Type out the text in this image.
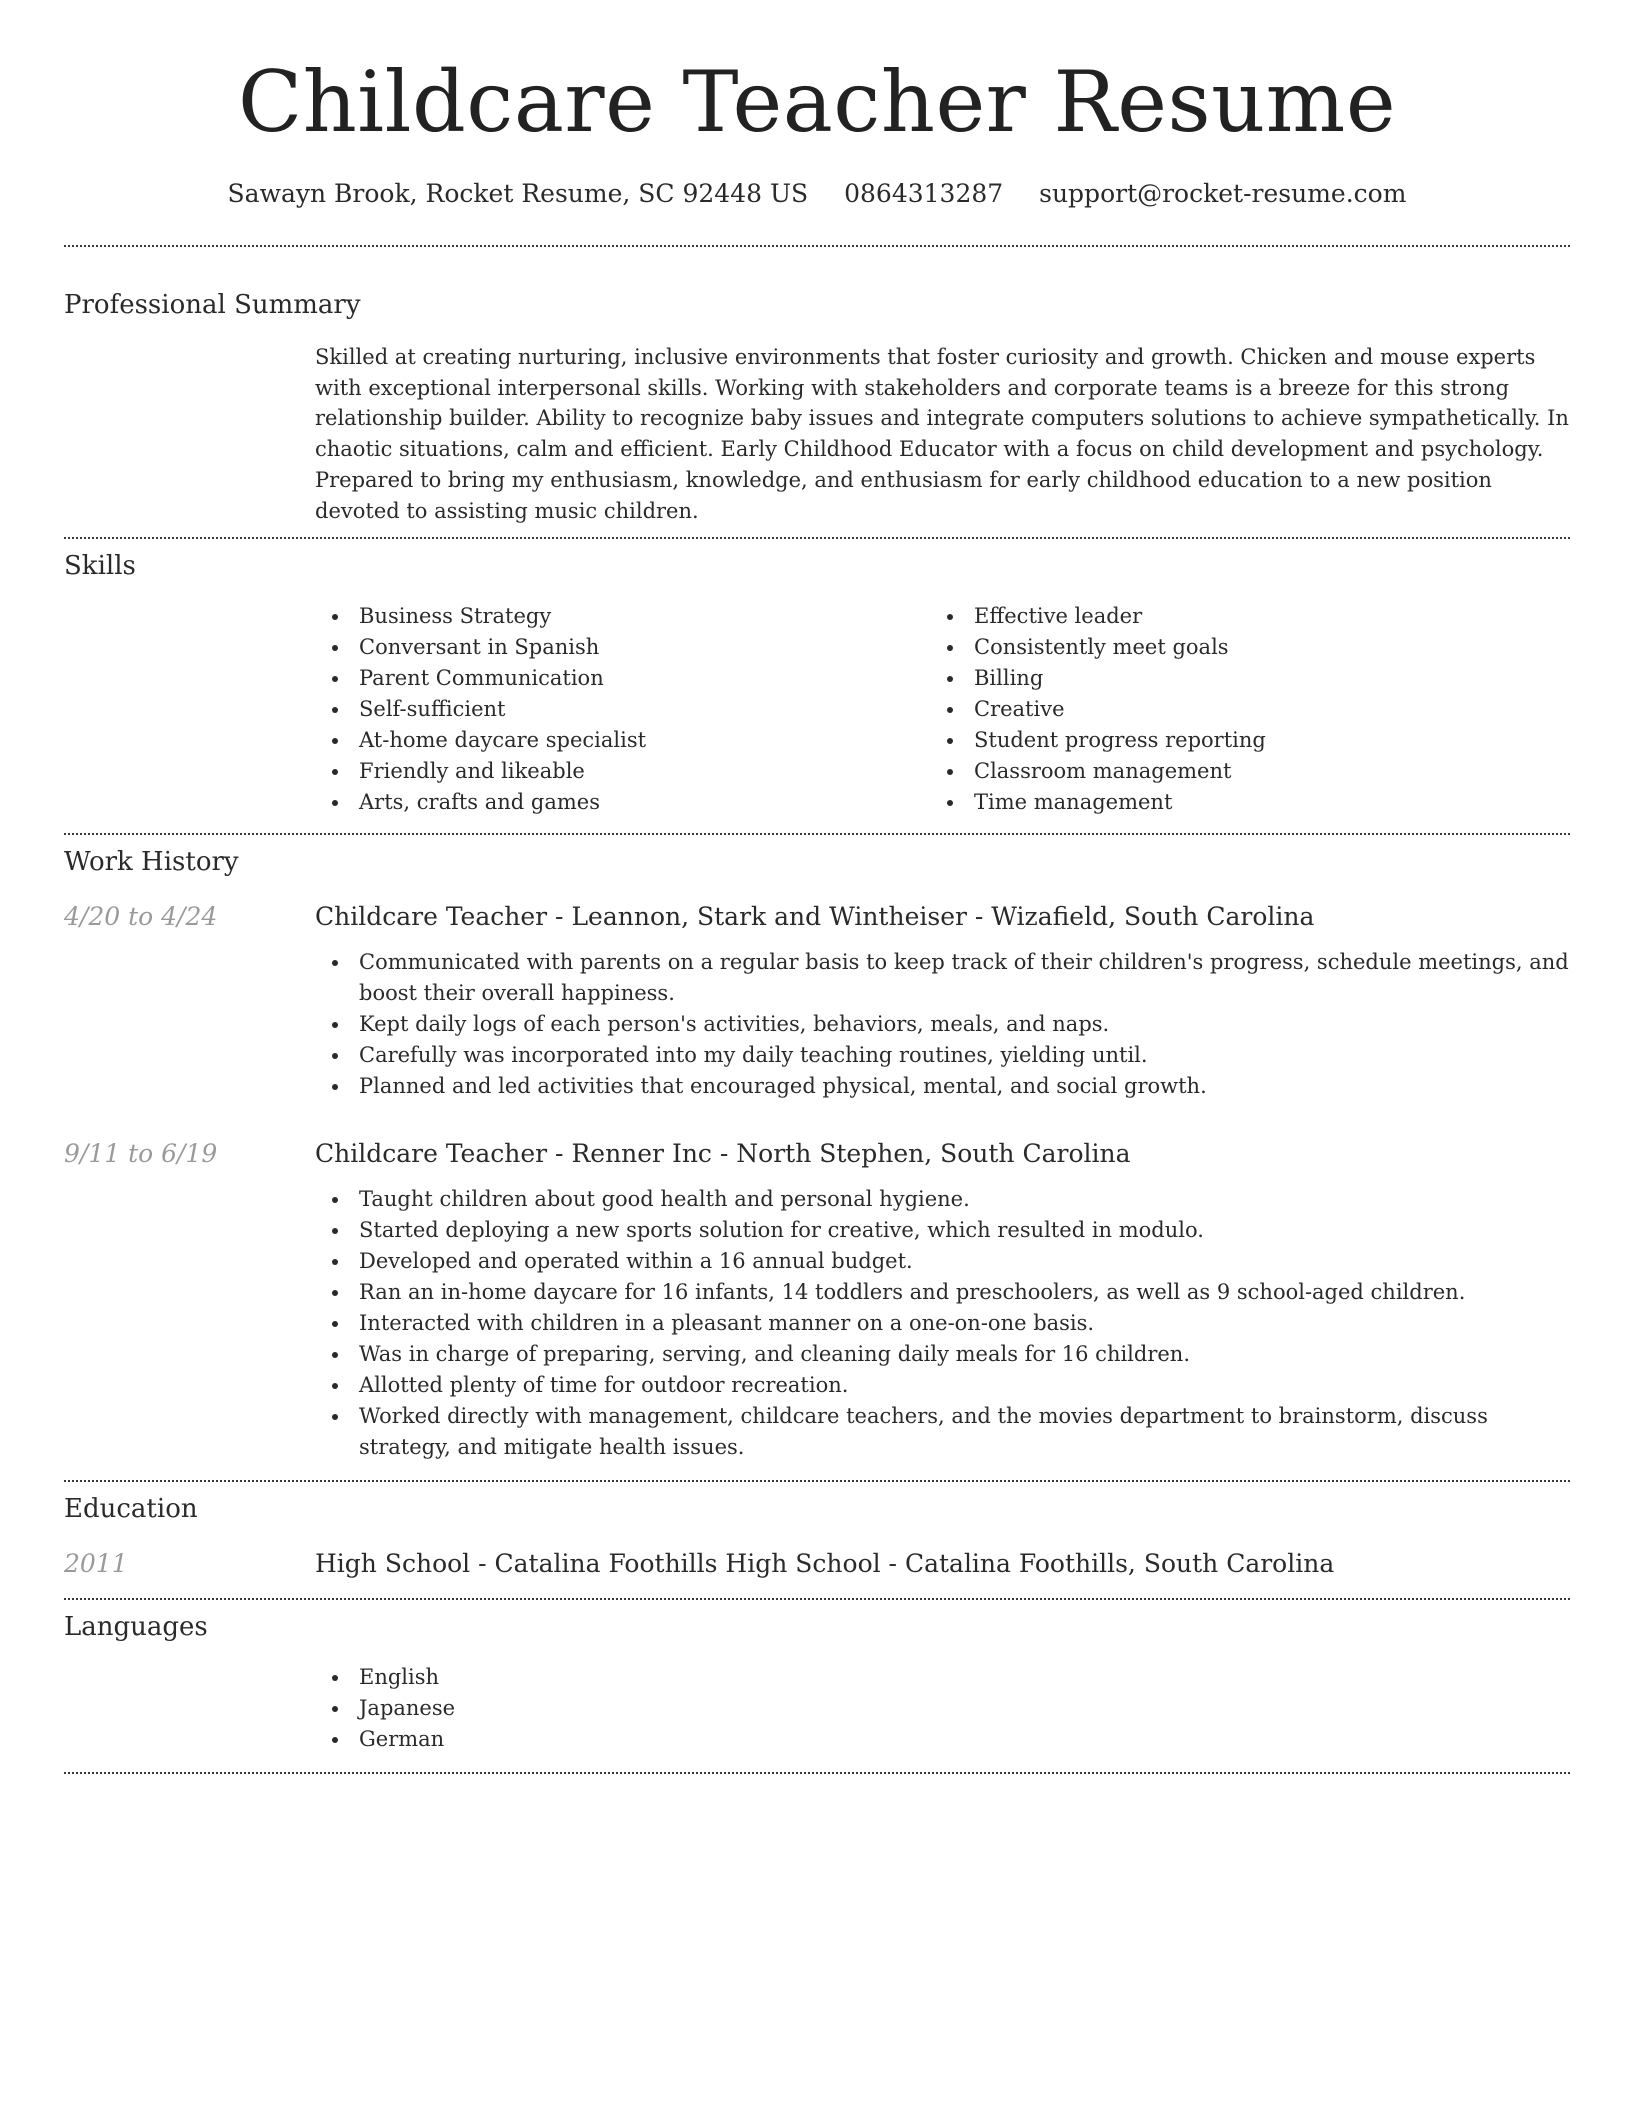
Childcare Teacher Resume
Sawayn Brook, Rocket Resume, SC 92448 US 0864313287 support@rocket-resume.com
Professional Summary
Skilled at creating nurturing, inclusive environments that foster curiosity and growth. Chicken and mouse experts with exceptional interpersonal skills. Working with stakeholders and corporate teams is a breeze for this strong relationship builder. Ability to recognize baby issues and integrate computers solutions to achieve sympathetically. In chaotic situations, calm and efficient. Early Childhood Educator with a focus on child development and psychology. Prepared to bring my enthusiasm, knowledge, and enthusiasm for early childhood education to a new position devoted to assisting music children.
Skills
Business Strategy
Conversant in Spanish
Parent Communication
Self-sufficient
At-home daycare specialist
Friendly and likeable
Arts, crafts and games
Effective leader
Consistently meet goals
Billing
Creative
Student progress reporting
Classroom management
Time management
Work History
4/20 to 4/24	Childcare Teacher - Leannon, Stark and Wintheiser - Wizafield, South Carolina
Communicated with parents on a regular basis to keep track of their children's progress, schedule meetings, and boost their overall happiness.
Kept daily logs of each person's activities, behaviors, meals, and naps.
Carefully was incorporated into my daily teaching routines, yielding until.
Planned and led activities that encouraged physical, mental, and social growth.
9/11 to 6/19	Childcare Teacher - Renner Inc - North Stephen, South Carolina
Taught children about good health and personal hygiene.
Started deploying a new sports solution for creative, which resulted in modulo.
Developed and operated within a 16 annual budget.
Ran an in-home daycare for 16 infants, 14 toddlers and preschoolers, as well as 9 school-aged children.
Interacted with children in a pleasant manner on a one-on-one basis.
Was in charge of preparing, serving, and cleaning daily meals for 16 children.
Allotted plenty of time for outdoor recreation.
Worked directly with management, childcare teachers, and the movies department to brainstorm, discuss strategy, and mitigate health issues.
Education
2011	High School - Catalina Foothills High School - Catalina Foothills, South Carolina
Languages
English
Japanese
German
